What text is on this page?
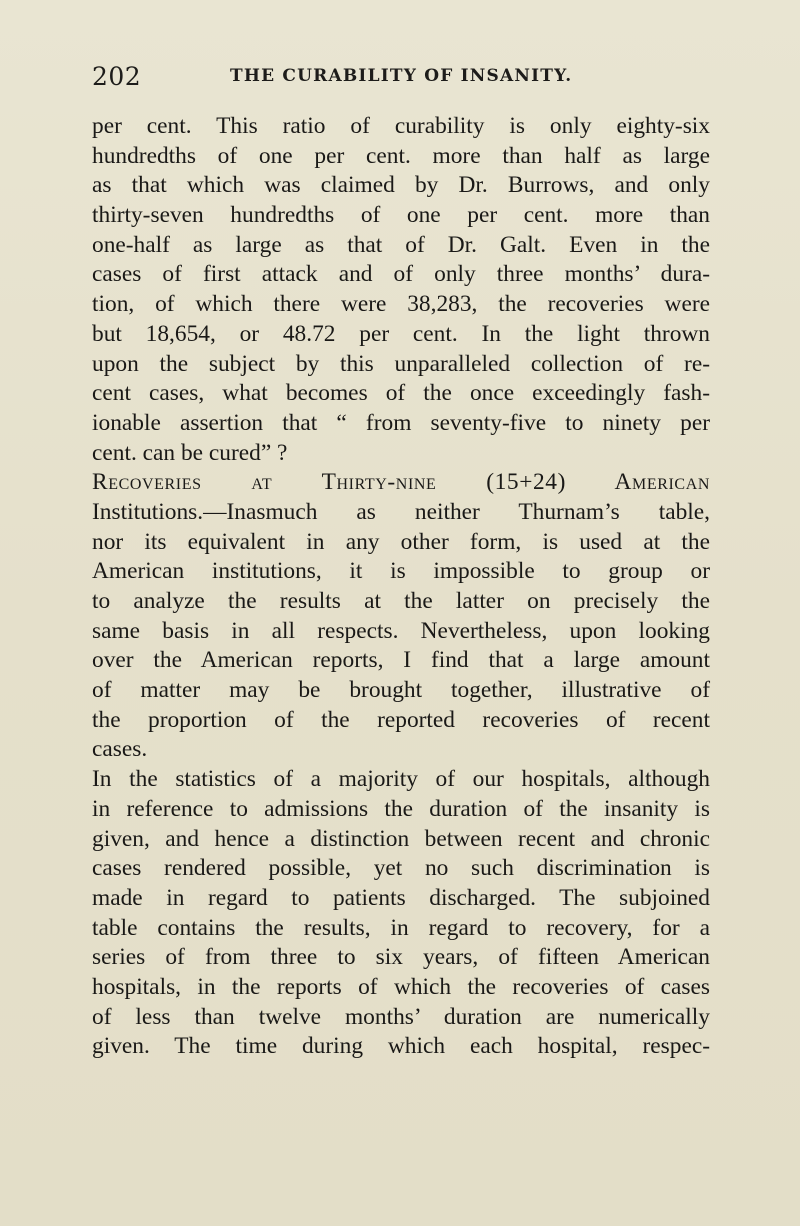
202	THE CURABILITY OF INSANITY.
per cent. This ratio of curability is only eighty-six
hundredths of one per cent. more than half as large
as that which was claimed by Dr. Burrows, and only
thirty-seven hundredths of one per cent. more than
one-half as large as that of Dr. Galt. Even in the
cases of first attack and of only three months’ dura-
tion, of which there were 38,283, the recoveries were
but 18,654, or 48.72 per cent. In the light thrown
upon the subject by this unparalleled collection of re-
cent cases, what becomes of the once exceedingly fash-
ionable assertion that “ from seventy-five to ninety per
cent. can be cured” ?
Recoveries at Thirty-nine (15+24) American
Institutions.—Inasmuch as neither Thurnam’s table,
nor its equivalent in any other form, is used at the
American institutions, it is impossible to group or
to analyze the results at the latter on precisely the
same basis in all respects. Nevertheless, upon looking
over the American reports, I find that a large amount
of matter may be brought together, illustrative of
the proportion of the reported recoveries of recent
cases.
In the statistics of a majority of our hospitals, although
in reference to admissions the duration of the insanity is
given, and hence a distinction between recent and chronic
cases rendered possible, yet no such discrimination is
made in regard to patients discharged. The subjoined
table contains the results, in regard to recovery, for a
series of from three to six years, of fifteen American
hospitals, in the reports of which the recoveries of cases
of less than twelve months’ duration are numerically
given. The time during which each hospital, respec-
